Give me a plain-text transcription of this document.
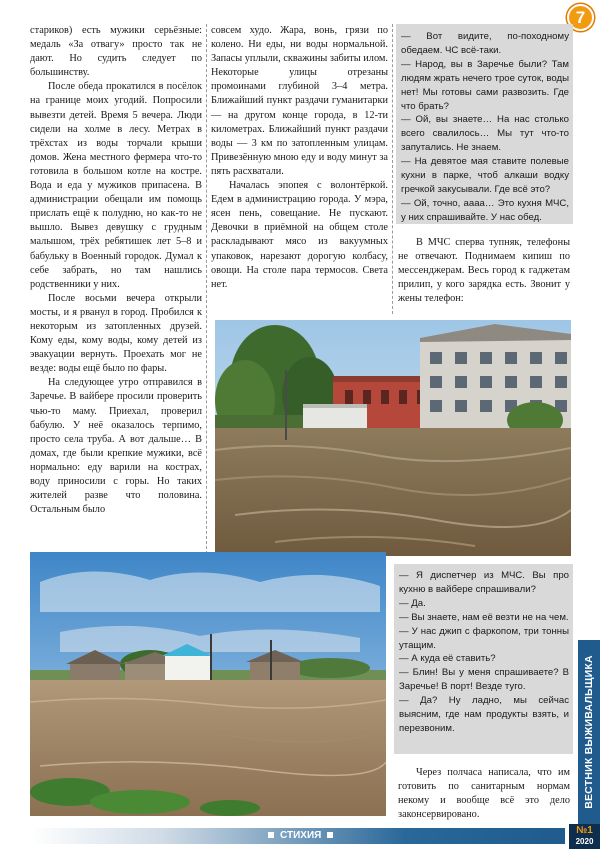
7

стариков) есть мужики серьёзные: медаль «За отвагу» просто так не дают. Но судить следует по большинству.

После обеда прокатился в посёлок на границе моих угодий. Попросили вывезти детей. Время 5 вечера. Люди сидели на холме в лесу. Метрах в трёхстах из воды торчали крыши домов. Жена местного фермера что-то готовила в большом котле на костре. Вода и еда у мужиков припасена. В администрации обещали им помощь прислать ещё к полудню, но как-то не вышло. Вывез девушку с грудным малышом, трёх ребятишек лет 5–8 и бабульку в Военный городок. Думал к себе забрать, но там нашлись родственники у них.

После восьми вечера открыли мосты, и я рванул в город. Пробился к некоторым из затопленных друзей. Кому еды, кому воды, кому детей из эвакуации вернуть. Проехать мог не везде: воды ещё было по фары.

На следующее утро отправился в Заречье. В вайбере просили проверить чью-то маму. Приехал, проверил бабулю. У неё оказалось терпимо, просто села труба. А вот дальше… В домах, где были крепкие мужики, всё нормально: еду варили на кострах, воду приносили с горы. Но таких жителей разве что половина. Остальным было

совсем худо. Жара, вонь, грязи по колено. Ни еды, ни воды нормальной. Запасы уплыли, скважины забиты илом. Некоторые улицы отрезаны промоинами глубиной 3–4 метра. Ближайший пункт раздачи гуманитарки — на другом конце города, в 12-ти километрах. Ближайший пункт раздачи воды — 3 км по затопленным улицам. Привезённую мною еду и воду минут за пять расхватали.

Началась эпопея с волонтёркой. Едем в администрацию города. У мэра, ясен пень, совещание. Не пускают. Девочки в приёмной на общем столе раскладывают мясо из вакуумных упаковок, нарезают дорогую колбасу, овощи. На столе пара термосов. Света нет.

— Вот видите, по-походному обедаем. ЧС всё-таки.

— Народ, вы в Заречье были? Там людям жрать нечего трое суток, воды нет! Мы готовы сами развозить. Где что брать?

— Ой, вы знаете… На нас столько всего свалилось… Мы тут что-то запутались. Не знаем.

— На девятое мая ставите полевые кухни в парке, чтоб алкаши водку гречкой закусывали. Где всё это?

— Ой, точно, аааа… Это кухня МЧС, у них спрашивайте. У нас обед.

В МЧС сперва тупняк, телефоны не отвечают. Поднимаем кипиш по мессенджерам. Весь город к гаджетам прилип, у кого зарядка есть. Звонит у жены телефон:

— Я диспетчер из МЧС. Вы про кухню в вайбере спрашивали?

— Да.

— Вы знаете, нам её везти не на чем.

— У нас джип с фаркопом, три тонны утащим.

— А куда её ставить?

— Блин! Вы у меня спрашиваете? В Заречье! В порт! Везде туго.

— Да? Ну ладно, мы сейчас выясним, где нам продукты взять, и перезвоним.

Через полчаса написала, что им готовить по санитарным нормам некому и вообще всё это дело законсервировано.

ВЕСТНИК ВЫЖИВАЛЬЩИКА
СТИХИЯ	№1
2020
